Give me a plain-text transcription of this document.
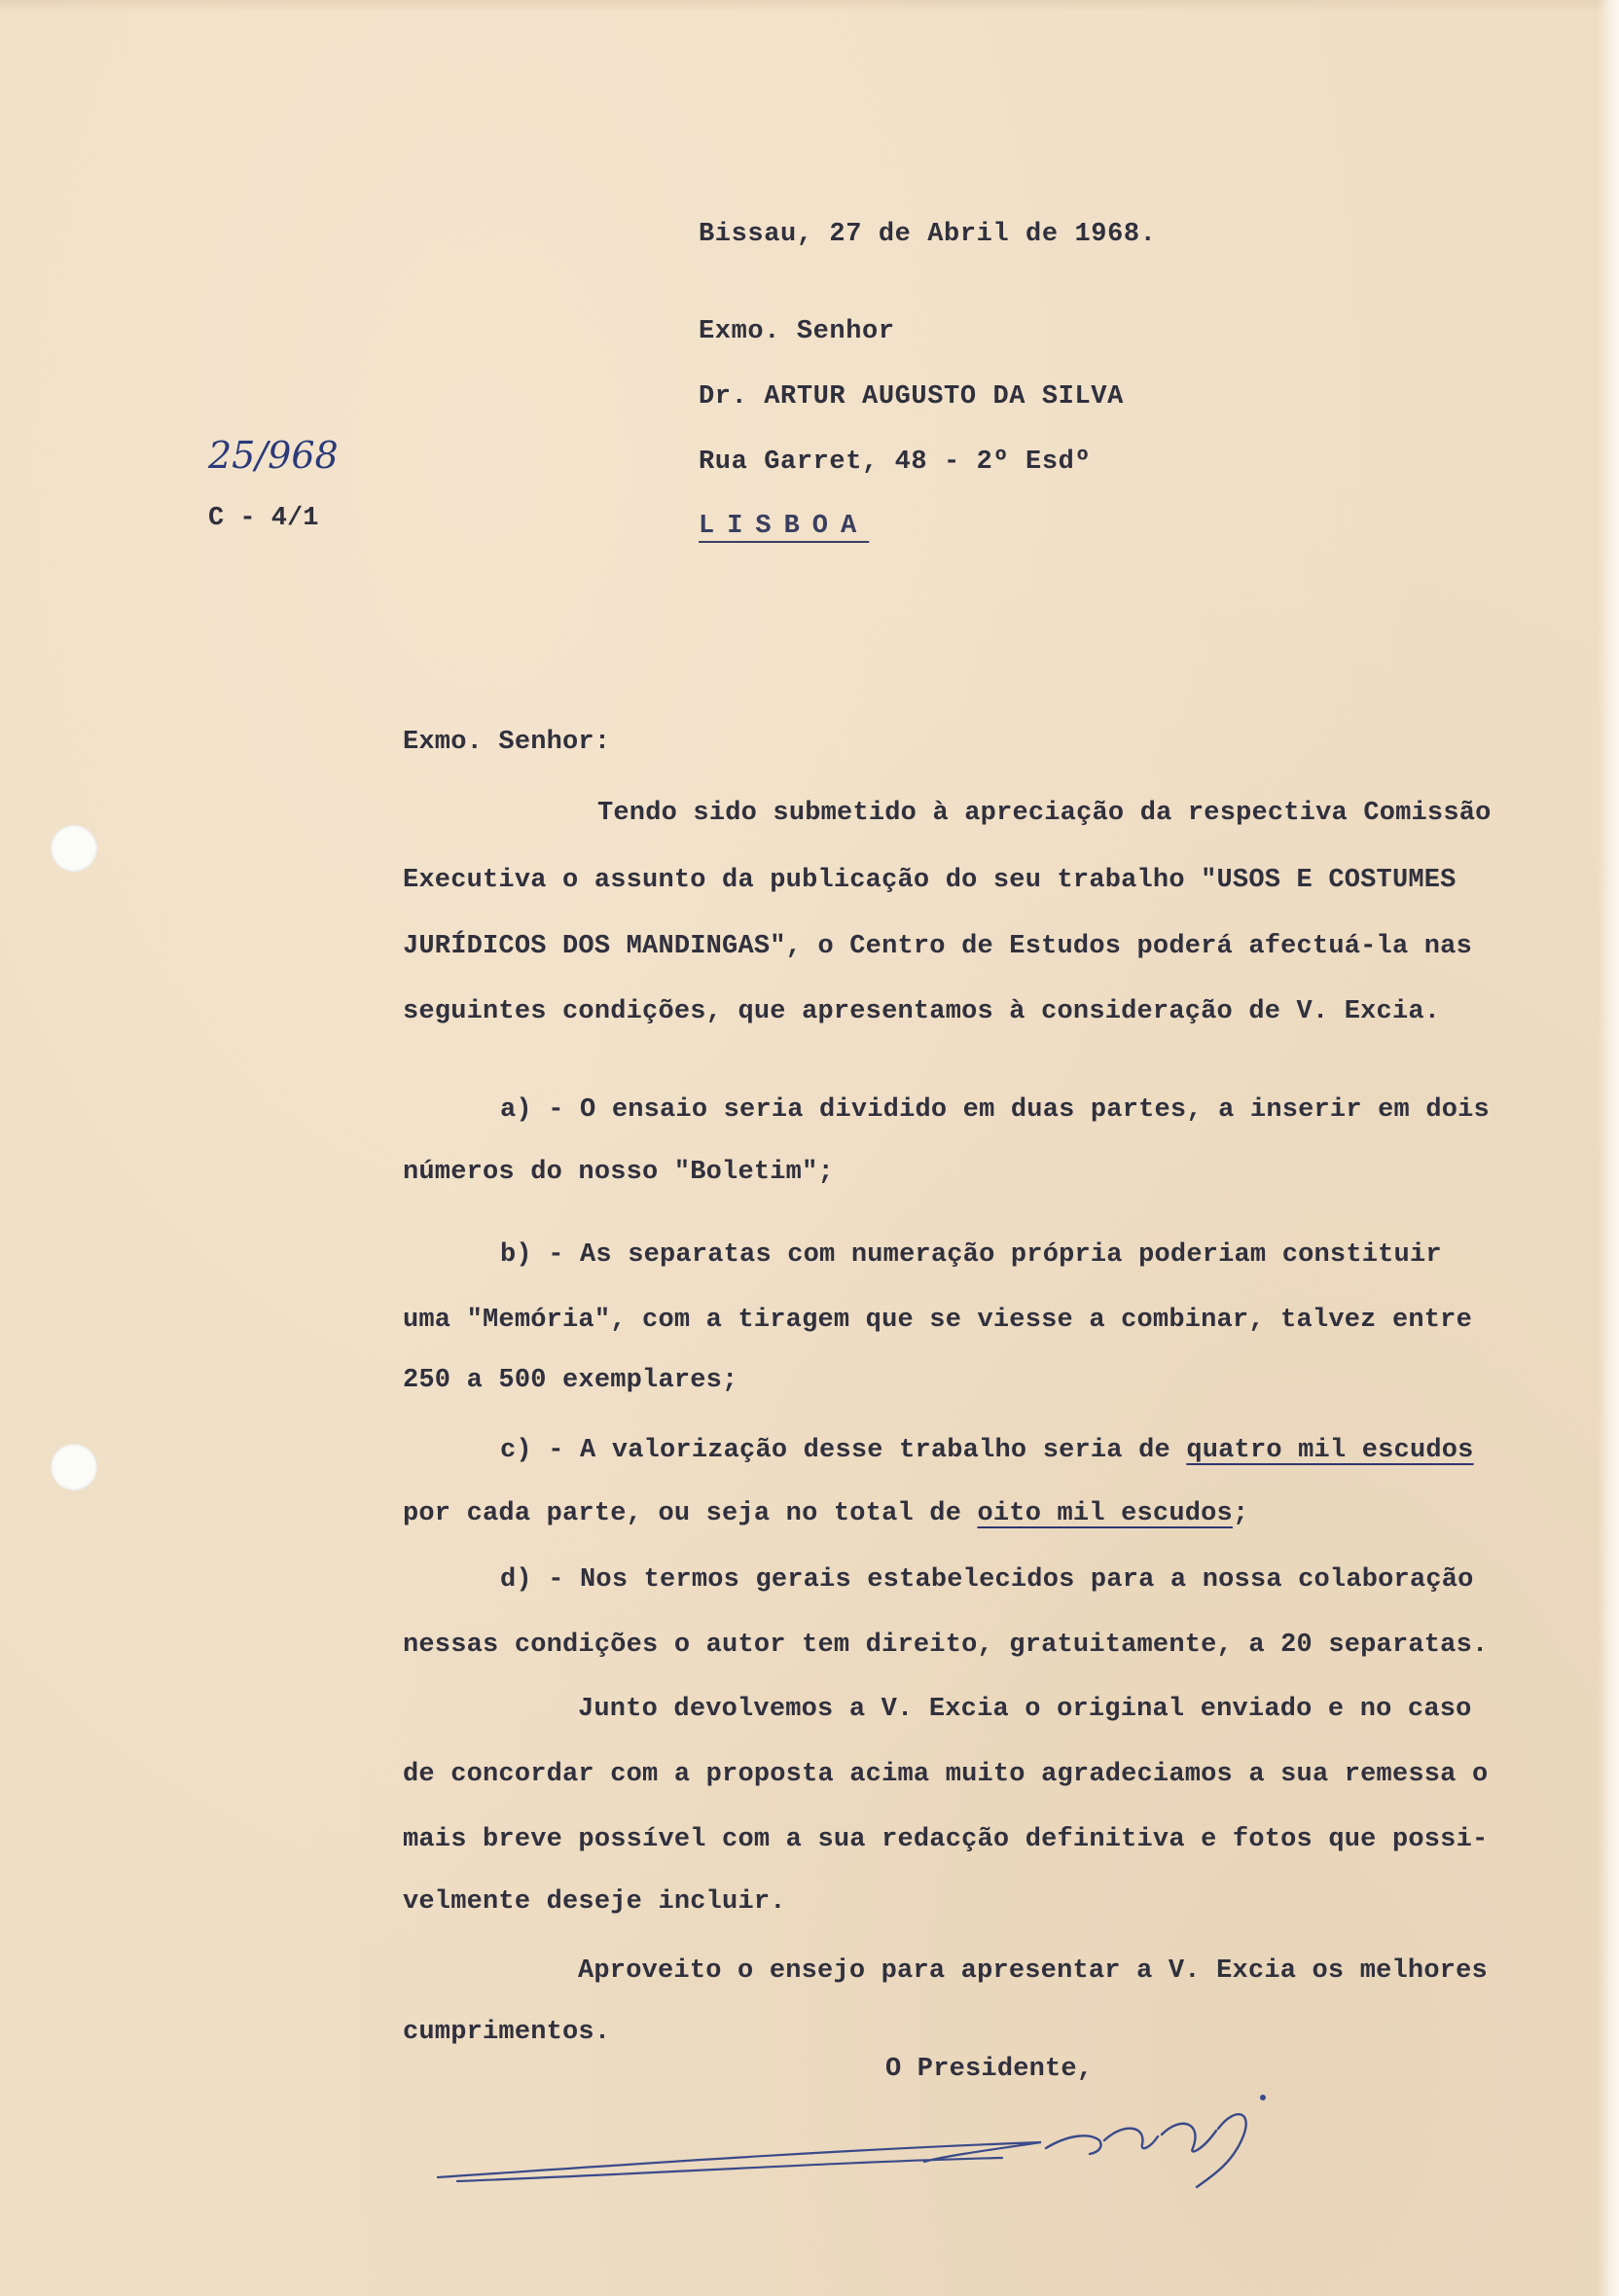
Bissau, 27 de Abril de 1968.
Exmo. Senhor
Dr. ARTUR AUGUSTO DA SILVA
Rua Garret, 48 - 2º Esdº
LISBOA
25/968
C - 4/1
Exmo. Senhor:
Tendo sido submetido à apreciação da respectiva Comissão
Executiva o assunto da publicação do seu trabalho "USOS E COSTUMES
JURÍDICOS DOS MANDINGAS", o Centro de Estudos poderá afectuá-la nas
seguintes condições, que apresentamos à consideração de V. Excia.
a) - O ensaio seria dividido em duas partes, a inserir em dois
números do nosso "Boletim";
b) - As separatas com numeração própria poderiam constituir
uma "Memória", com a tiragem que se viesse a combinar, talvez entre
250 a 500 exemplares;
c) - A valorização desse trabalho seria de quatro mil escudos
por cada parte, ou seja no total de oito mil escudos;
d) - Nos termos gerais estabelecidos para a nossa colaboração
nessas condições o autor tem direito, gratuitamente, a 20 separatas.
Junto devolvemos a V. Excia o original enviado e no caso
de concordar com a proposta acima muito agradeciamos a sua remessa o
mais breve possível com a sua redacção definitiva e fotos que possi-
velmente deseje incluir.
Aproveito o ensejo para apresentar a V. Excia os melhores
cumprimentos.
O Presidente,
